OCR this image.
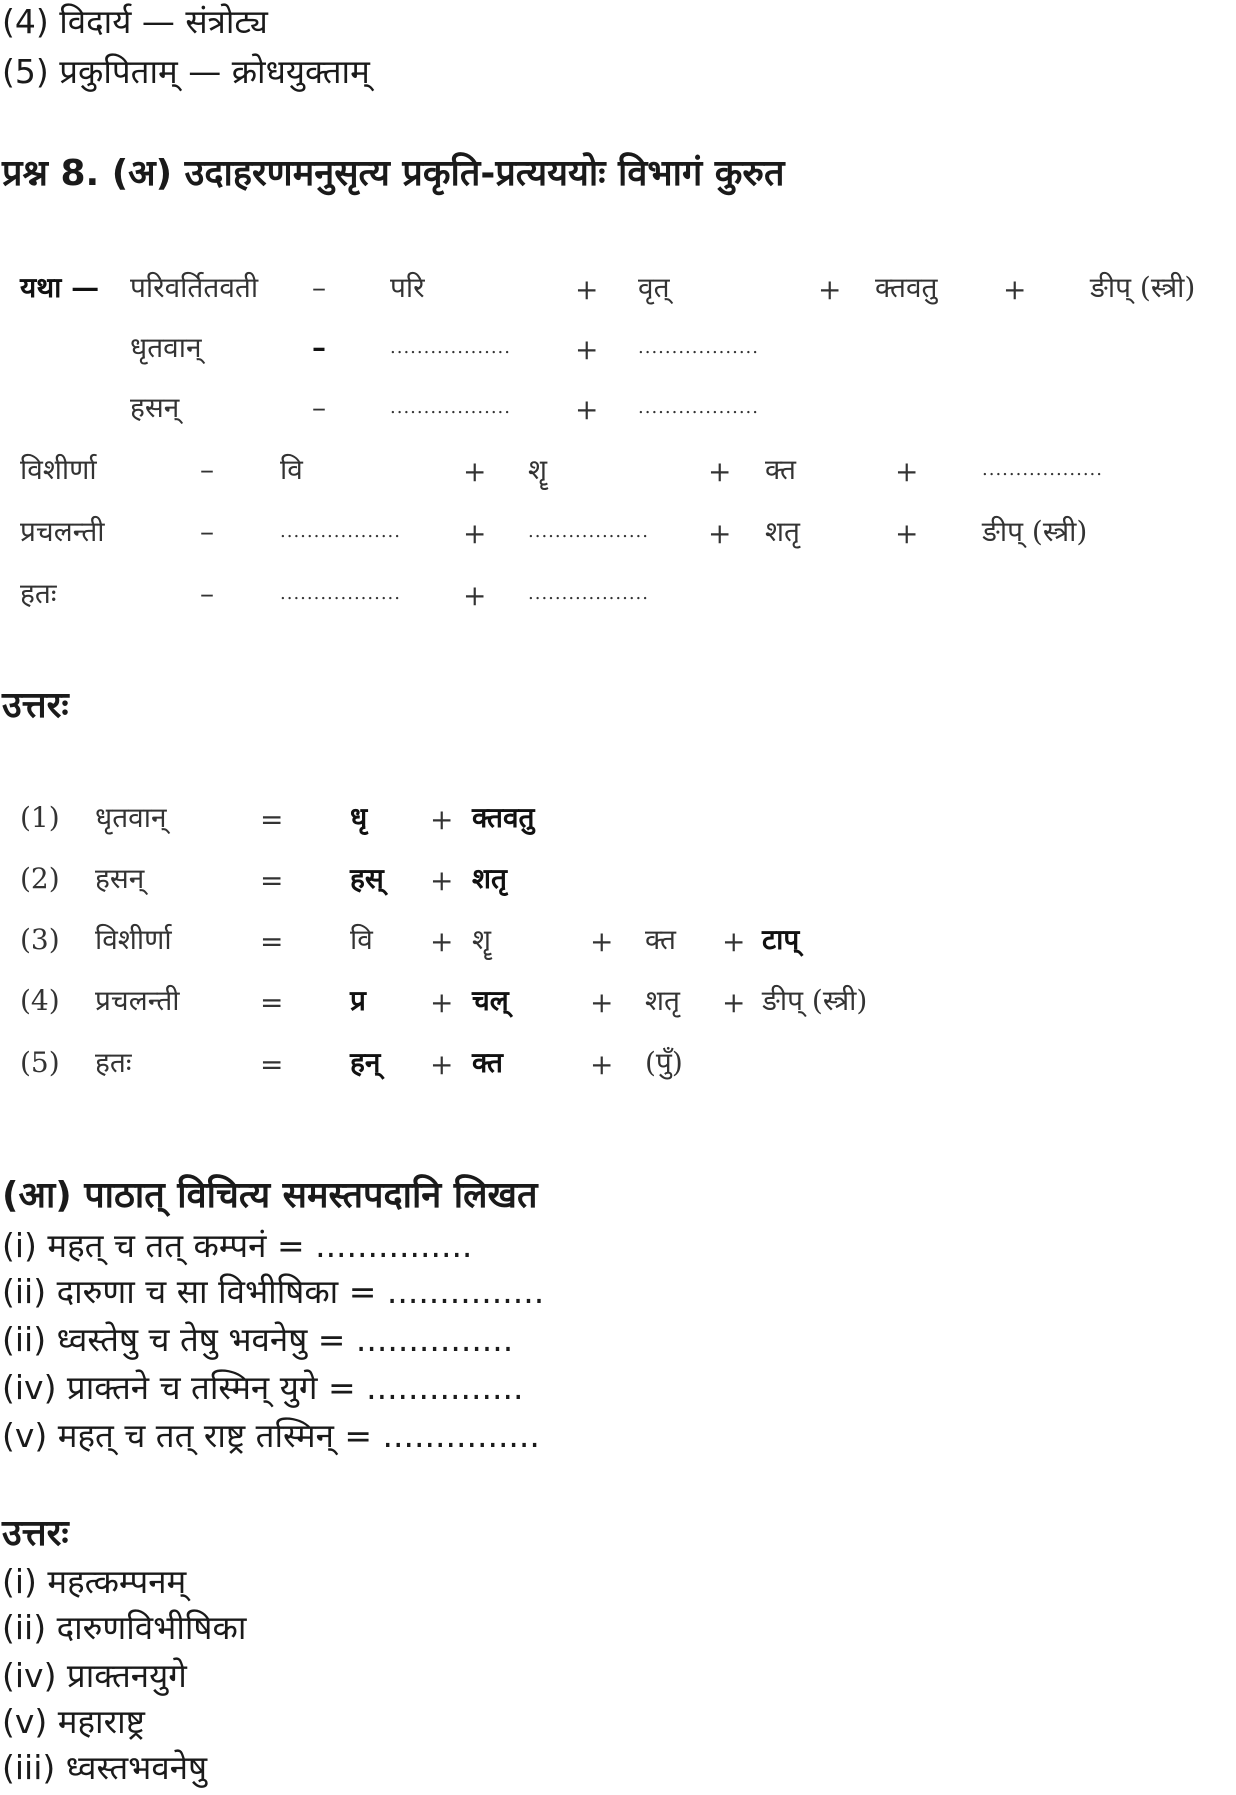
(4) विदार्य — संत्रोट्य
(5) प्रकुपिताम् — क्रोधयुक्ताम्
प्रश्न 8. (अ) उदाहरणमनुसृत्य प्रकृति-प्रत्यययोः विभागं कुरुत
यथा — परिवर्तितवती – परि	+ वृत्	+ क्तवतु + ङीप् (स्त्री)
धृतवान्	–	.................. + ..................
हसन्	–	.................. + ..................
विशीर्णा	– वि	+ शॄ	+ क्त	+	..................
प्रचलन्ती	–	.................. + .................. + शतृ	+ ङीप् (स्त्री)
हतः	–	.................. + ..................
उत्तरः
(1) धृतवान्	= धृ + क्तवतु
(2) हसन्	= हस् + शतृ
(3) विशीर्णा	= वि + शॄ	+ क्त + टाप्
(4) प्रचलन्ती	= प्र + चल्	+ शतृ + ङीप् (स्त्री)
(5) हतः	= हन् + क्त	+ (पुँ)
(आ) पाठात् विचित्य समस्तपदानि लिखत
(i) महत् च तत् कम्पनं = ...............
(ii) दारुणा च सा विभीषिका = ...............
(ii) ध्वस्तेषु च तेषु भवनेषु = ...............
(iv) प्राक्तने च तस्मिन् युगे = ...............
(v) महत् च तत् राष्ट्र तस्मिन् = ...............
उत्तरः
(i) महत्कम्पनम्
(ii) दारुणविभीषिका
(iv) प्राक्तनयुगे
(v) महाराष्ट्र
(iii) ध्वस्तभवनेषु
